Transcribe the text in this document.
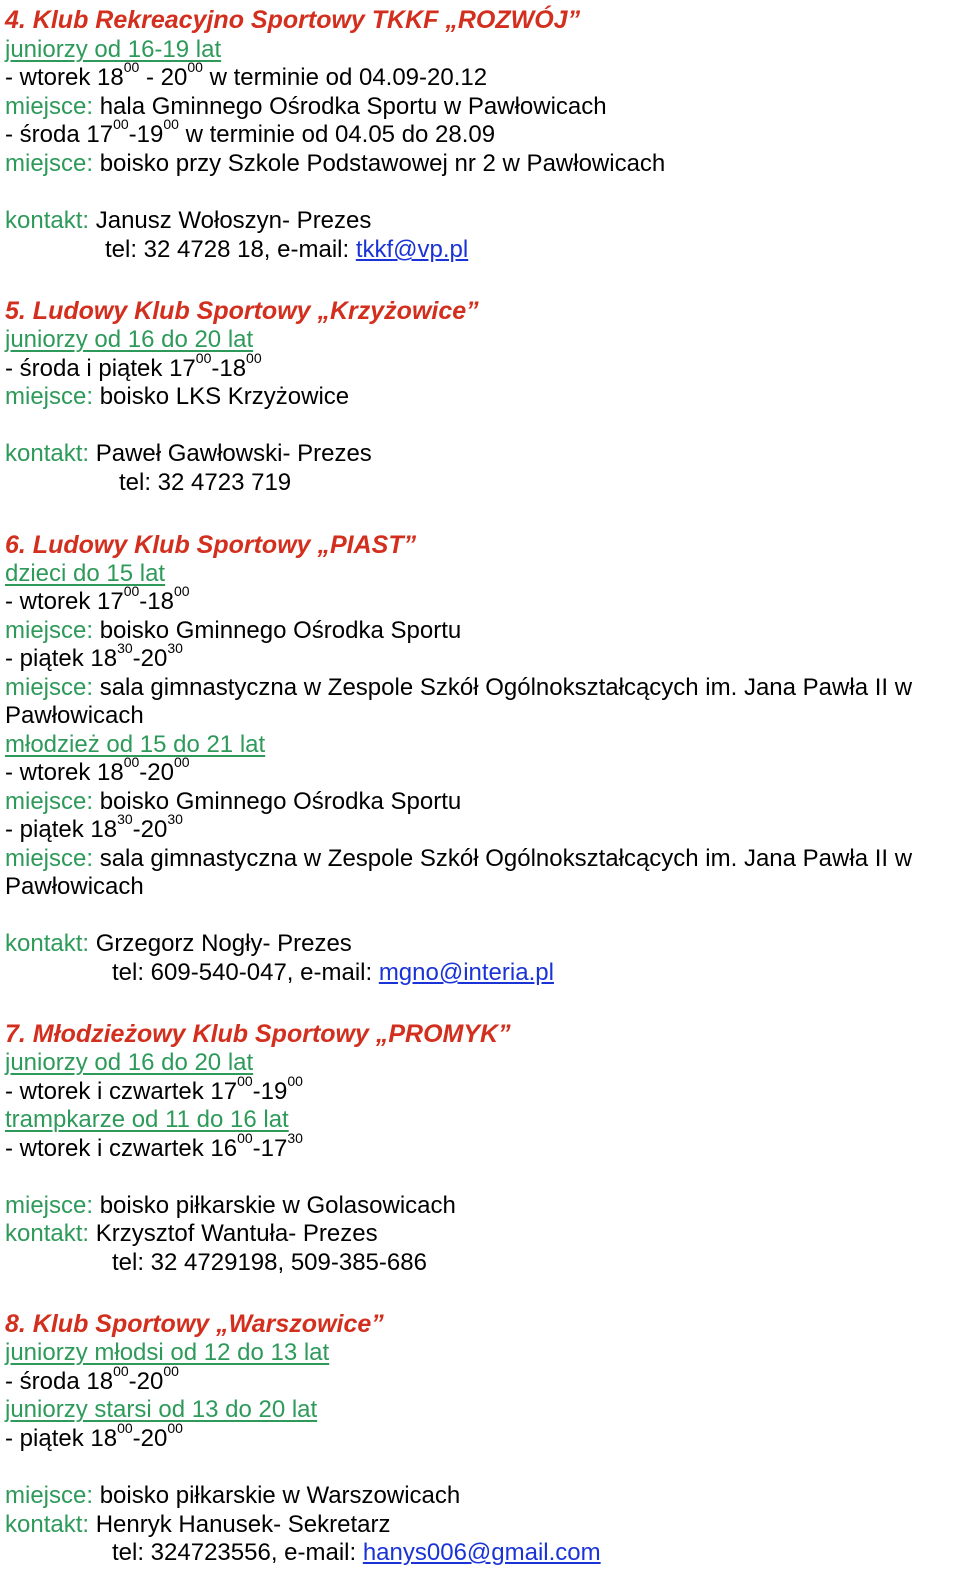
4. Klub Rekreacyjno Sportowy TKKF „ROZWÓJ”
juniorzy od 16-19 lat
- wtorek $18^{00} - 20^{00}$ w terminie od 04.09-20.12
miejsce: hala Gminnego Ośrodka Sportu w Pawłowicach
- środa $17^{00}-19^{00}$ w terminie od 04.05 do 28.09
miejsce: boisko przy Szkole Podstawowej nr 2 w Pawłowicach
kontakt: Janusz Wołoszyn- Prezes
tel: 32 4728 18, e-mail: tkkf@vp.pl
5. Ludowy Klub Sportowy „Krzyżowice”
juniorzy od 16 do 20 lat
- środa i piątek $17^{00}-18^{00}$
miejsce: boisko LKS Krzyżowice
kontakt: Paweł Gawłowski- Prezes
tel: 32 4723 719
6. Ludowy Klub Sportowy „PIAST”
dzieci do 15 lat
- wtorek $17^{00}-18^{00}$
miejsce: boisko Gminnego Ośrodka Sportu
- piątek $18^{30}-20^{30}$
miejsce: sala gimnastyczna w Zespole Szkół Ogólnokształcących im. Jana Pawła II w
Pawłowicach
młodzież od 15 do 21 lat
- wtorek $18^{00}-20^{00}$
miejsce: boisko Gminnego Ośrodka Sportu
- piątek $18^{30}-20^{30}$
miejsce: sala gimnastyczna w Zespole Szkół Ogólnokształcących im. Jana Pawła II w
Pawłowicach
kontakt: Grzegorz Nogły- Prezes
tel: 609-540-047, e-mail: mgno@interia.pl
7. Młodzieżowy Klub Sportowy „PROMYK”
juniorzy od 16 do 20 lat
- wtorek i czwartek $17^{00}-19^{00}$
trampkarze od 11 do 16 lat
- wtorek i czwartek $16^{00}-17^{30}$
miejsce: boisko piłkarskie w Golasowicach
kontakt: Krzysztof Wantuła- Prezes
tel: 32 4729198, 509-385-686
8. Klub Sportowy „Warszowice”
juniorzy młodsi od 12 do 13 lat
- środa $18^{00}-20^{00}$
juniorzy starsi od 13 do 20 lat
- piątek $18^{00}-20^{00}$
miejsce: boisko piłkarskie w Warszowicach
kontakt: Henryk Hanusek- Sekretarz
tel: 324723556, e-mail: hanys006@gmail.com
